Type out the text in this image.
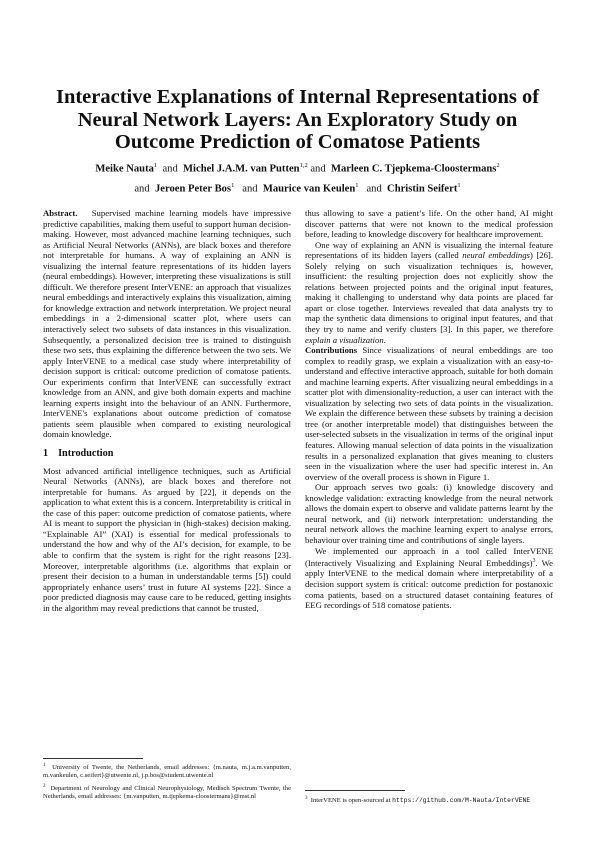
Interactive Explanations of Internal Representations of Neural Network Layers: An Exploratory Study on Outcome Prediction of Comatose Patients
Meike Nauta$^1$ and Michel J.A.M. van Putten$^{1,2}$ and Marleen C. Tjepkema-Cloostermans$^2$
and Jeroen Peter Bos$^1$ and Maurice van Keulen$^1$ and Christin Seifert$^1$

Abstract. Supervised machine learning models have impressive predictive capabilities, making them useful to support human decision-making. However, most advanced machine learning techniques, such as Artificial Neural Networks (ANNs), are black boxes and therefore not interpretable for humans. A way of explaining an ANN is visualizing the internal feature representations of its hidden layers (neural embeddings). However, interpreting these visualizations is still difficult. We therefore present InterVENE: an approach that visualizes neural embeddings and interactively explains this visualization, aiming for knowledge extraction and network interpretation. We project neural embeddings in a 2-dimensional scatter plot, where users can interactively select two subsets of data instances in this visualization. Subsequently, a personalized decision tree is trained to distinguish these two sets, thus explaining the difference between the two sets. We apply InterVENE to a medical case study where interpretability of decision support is critical: outcome prediction of comatose patients. Our experiments confirm that InterVENE can successfully extract knowledge from an ANN, and give both domain experts and machine learning experts insight into the behaviour of an ANN. Furthermore, InterVENE's explanations about outcome prediction of comatose patients seem plausible when compared to existing neurological domain knowledge.

1 Introduction

Most advanced artificial intelligence techniques, such as Artificial Neural Networks (ANNs), are black boxes and therefore not interpretable for humans. As argued by [22], it depends on the application to what extent this is a concern. Interpretability is critical in the case of this paper: outcome prediction of comatose patients, where AI is meant to support the physician in (high-stakes) decision making. “Explainable AI” (XAI) is essential for medical professionals to understand the how and why of the AI’s decision, for example, to be able to confirm that the system is right for the right reasons [23]. Moreover, interpretable algorithms (i.e. algorithms that explain or present their decision to a human in understandable terms [5]) could appropriately enhance users’ trust in future AI systems [22]. Since a poor predicted diagnosis may cause care to be reduced, getting insights in the algorithm may reveal predictions that cannot be trusted,

$^1$ University of Twente, the Netherlands, email addresses: {m.nauta, m.j.a.m.vanputten, m.vankeulen, c.seifert}@utwente.nl, j.p.bos@student.utwente.nl
$^2$ Department of Neurology and Clinical Neurophysiology, Medisch Spectrum Twente, the Netherlands, email addresses: {m.vanputten, m.tjepkema-cloostermans}@mst.nl

thus allowing to save a patient’s life. On the other hand, AI might discover patterns that were not known to the medical profession before, leading to knowledge discovery for healthcare improvement.

One way of explaining an ANN is visualizing the internal feature representations of its hidden layers (called neural embeddings) [26]. Solely relying on such visualization techniques is, however, insufficient: the resulting projection does not explicitly show the relations between projected points and the original input features, making it challenging to understand why data points are placed far apart or close together. Interviews revealed that data analysts try to map the synthetic data dimensions to original input features, and that they try to name and verify clusters [3]. In this paper, we therefore explain a visualization.

Contributions Since visualizations of neural embeddings are too complex to readily grasp, we explain a visualization with an easy-to-understand and effective interactive approach, suitable for both domain and machine learning experts. After visualizing neural embeddings in a scatter plot with dimensionality-reduction, a user can interact with the visualization by selecting two sets of data points in the visualization. We explain the difference between these subsets by training a decision tree (or another interpretable model) that distinguishes between the user-selected subsets in the visualization in terms of the original input features. Allowing manual selection of data points in the visualization results in a personalized explanation that gives meaning to clusters seen in the visualization where the user had specific interest in. An overview of the overall process is shown in Figure 1.

Our approach serves two goals: (i) knowledge discovery and knowledge validation: extracting knowledge from the neural network allows the domain expert to observe and validate patterns learnt by the neural network, and (ii) network interpretation: understanding the neural network allows the machine learning expert to analyse errors, behaviour over training time and contributions of single layers.

We implemented our approach in a tool called InterVENE (Interactively Visualizing and Explaining Neural Embeddings)$^3$. We apply InterVENE to the medical domain where interpretability of a decision support system is critical: outcome prediction for postanoxic coma patients, based on a structured dataset containing features of EEG recordings of 518 comatose patients.

$^3$ InterVENE is open-sourced at https://github.com/M-Nauta/InterVENE
